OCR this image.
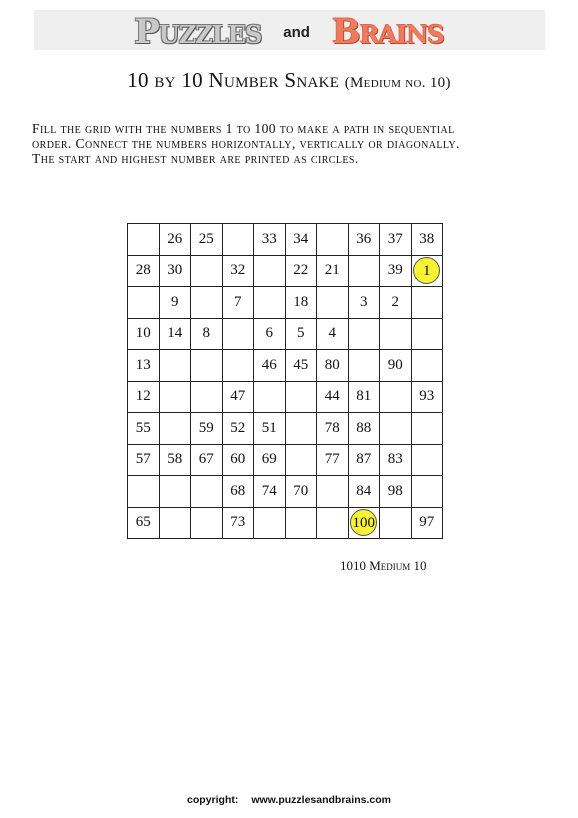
Puzzles and Brains
10 by 10 Number Snake (Medium no. 10)
Fill the grid with the numbers 1 to 100 to make a path in sequential
order. Connect the numbers horizontally, vertically or diagonally.
The start and highest number are printed as circles.
	26	25		33	34		36	37	38
28	30		32		22	21		39	1
	9		7		18		3	2	
10	14	8		6	5	4			
13				46	45	80		90	
12			47			44	81		93
55		59	52	51		78	88		
57	58	67	60	69		77	87	83	
			68	74	70		84	98	
65			73				100		97
1010 Medium 10
copyright: www.puzzlesandbrains.com
